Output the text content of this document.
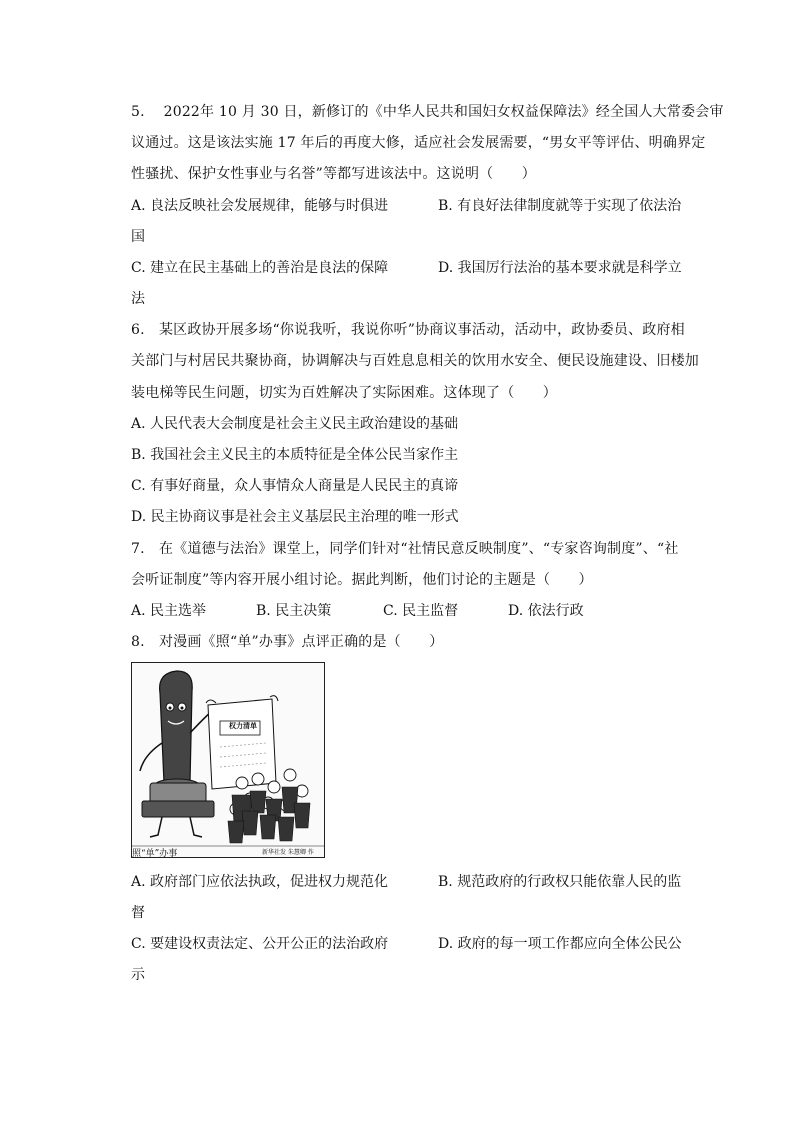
5.　 2022年 10 月 30 日，新修订的《中华人民共和国妇女权益保障法》经全国人大常委会审
议通过。这是该法实施 17 年后的再度大修，适应社会发展需要，“男女平等评估、明确界定
性骚扰、保护女性事业与名誉”等都写进该法中。这说明（　　）
A. 良法反映社会发展规律，能够与时俱进	B. 有良好法律制度就等于实现了依法治
国
C. 建立在民主基础上的善治是良法的保障	D. 我国厉行法治的基本要求就是科学立
法
6.　某区政协开展多场“你说我听，我说你听”协商议事活动，活动中，政协委员、政府相
关部门与村居民共聚协商，协调解决与百姓息息相关的饮用水安全、便民设施建设、旧楼加
装电梯等民生问题，切实为百姓解决了实际困难。这体现了（　　）
A. 人民代表大会制度是社会主义民主政治建设的基础
B. 我国社会主义民主的本质特征是全体公民当家作主
C. 有事好商量，众人事情众人商量是人民民主的真谛
D. 民主协商议事是社会主义基层民主治理的唯一形式
7.　在《道德与法治》课堂上，同学们针对“社情民意反映制度”、“专家咨询制度”、“社
会听证制度”等内容开展小组讨论。据此判断，他们讨论的主题是（　　）
A. 民主选举	B. 民主决策	C. 民主监督	D. 依法行政
8.　对漫画《照“单”办事》点评正确的是（　　）
权力清单
照“单”办事	新华社发 朱慧卿 作
A. 政府部门应依法执政，促进权力规范化	B. 规范政府的行政权只能依靠人民的监
督
C. 要建设权责法定、公开公正的法治政府	D. 政府的每一项工作都应向全体公民公
示
